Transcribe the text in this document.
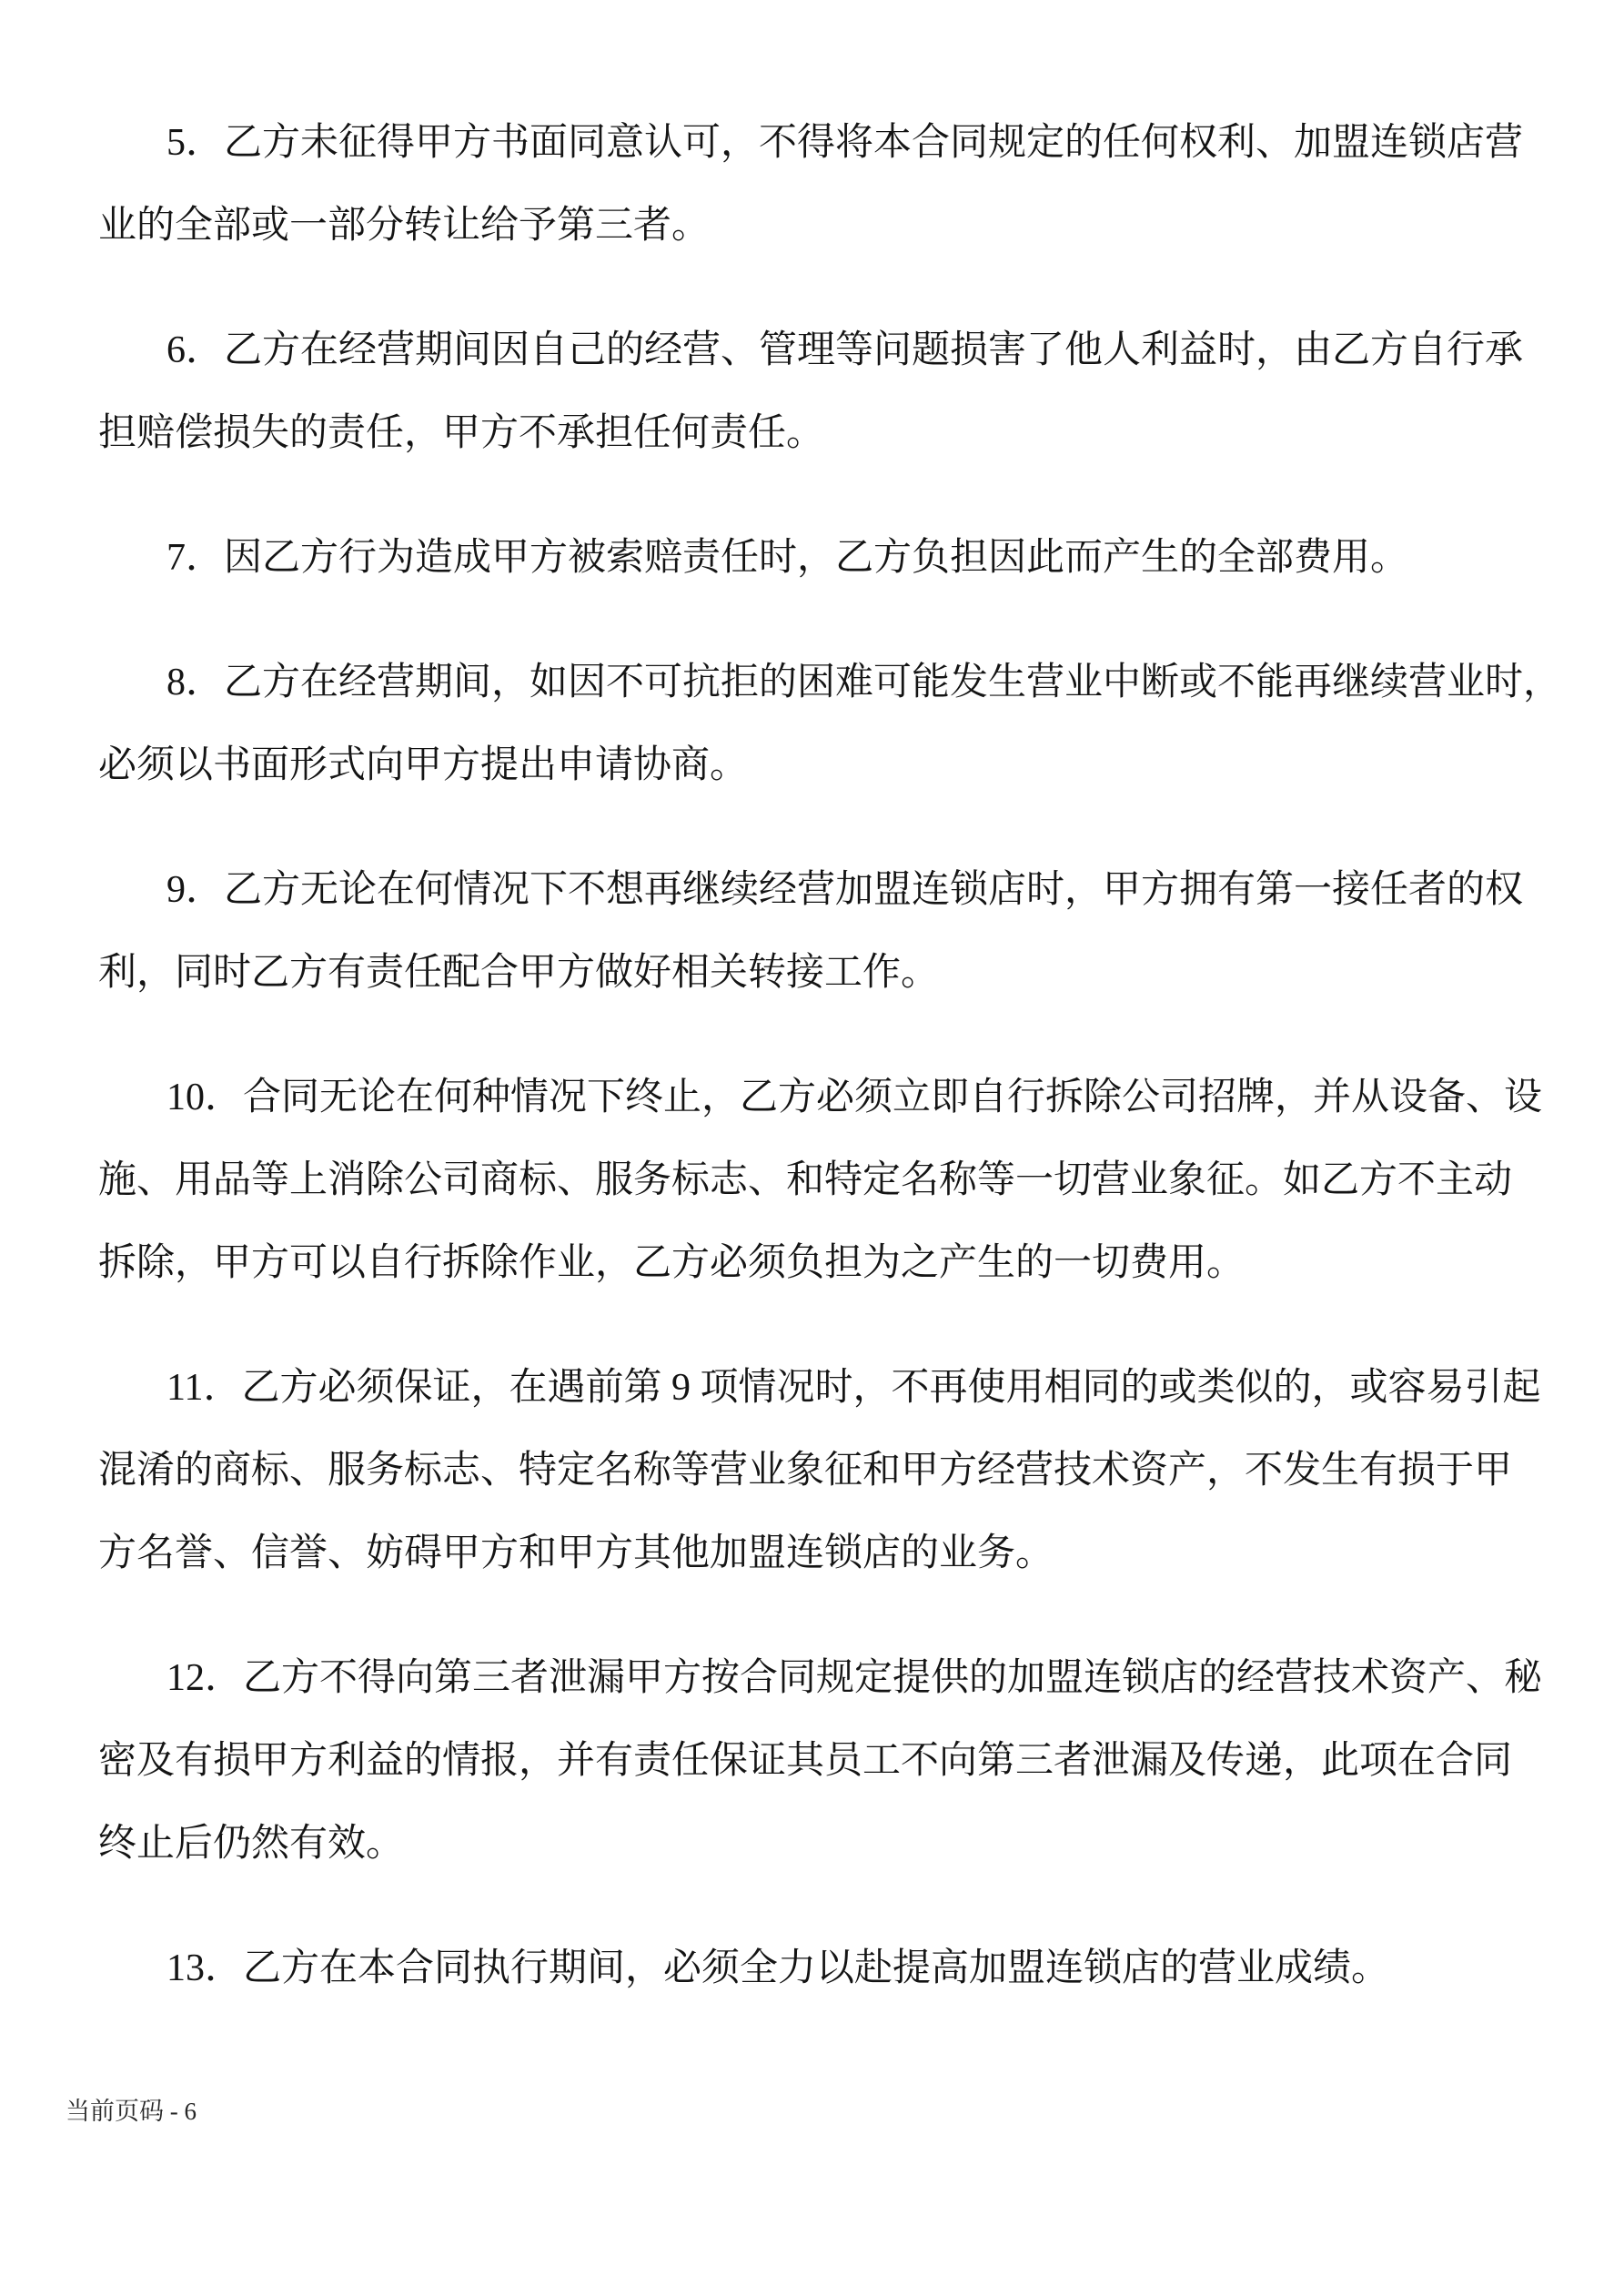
5．乙方未征得甲方书面同意认可，不得将本合同规定的任何权利、加盟连锁店营
业的全部或一部分转让给予第三者。

6．乙方在经营期间因自己的经营、管理等问题损害了他人利益时，由乙方自行承
担赔偿损失的责任，甲方不承担任何责任。

7．因乙方行为造成甲方被索赔责任时，乙方负担因此而产生的全部费用。

8．乙方在经营期间，如因不可抗拒的困难可能发生营业中断或不能再继续营业时，
必须以书面形式向甲方提出申请协商。

9．乙方无论在何情况下不想再继续经营加盟连锁店时，甲方拥有第一接任者的权
利，同时乙方有责任配合甲方做好相关转接工作。

10．合同无论在何种情况下终止，乙方必须立即自行拆除公司招牌，并从设备、设
施、用品等上消除公司商标、服务标志、和特定名称等一切营业象征。如乙方不主动
拆除，甲方可以自行拆除作业，乙方必须负担为之产生的一切费用。

11．乙方必须保证，在遇前第 9 项情况时，不再使用相同的或类似的，或容易引起
混淆的商标、服务标志、特定名称等营业象征和甲方经营技术资产，不发生有损于甲
方名誉、信誉、妨碍甲方和甲方其他加盟连锁店的业务。

12．乙方不得向第三者泄漏甲方按合同规定提供的加盟连锁店的经营技术资产、秘
密及有损甲方利益的情报，并有责任保证其员工不向第三者泄漏及传递，此项在合同
终止后仍然有效。

13．乙方在本合同执行期间，必须全力以赴提高加盟连锁店的营业成绩。

当前页码 - 6
